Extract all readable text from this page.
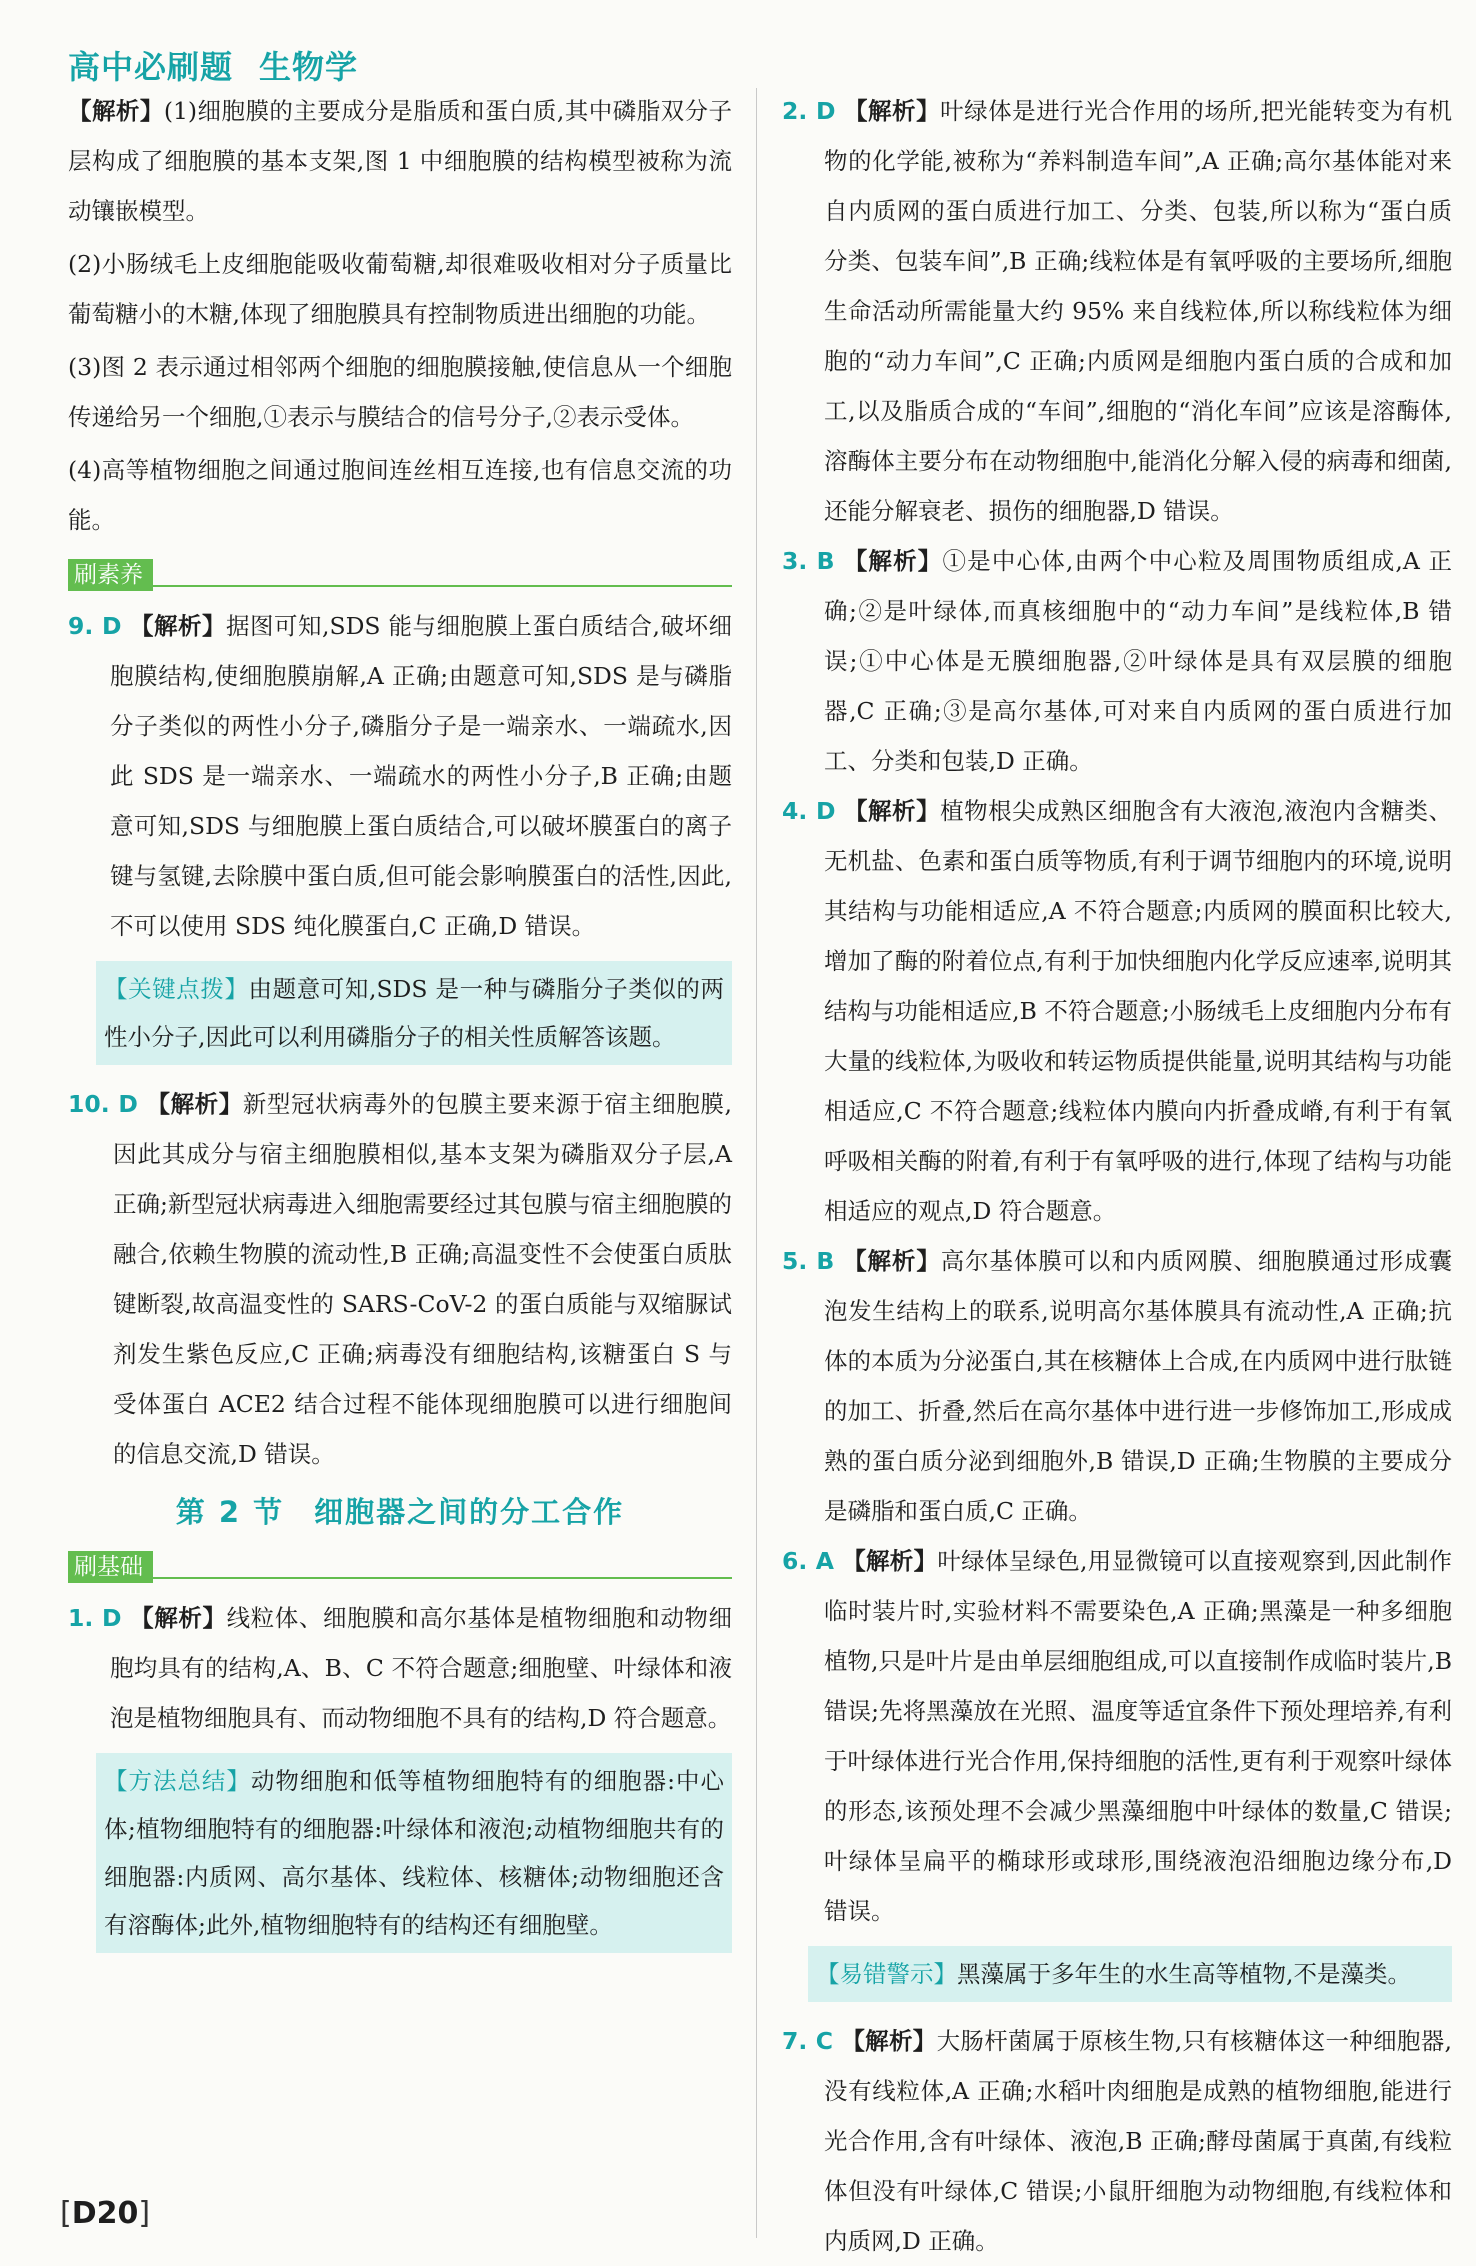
高中必刷题 生物学

【解析】(1)细胞膜的主要成分是脂质和蛋白质,其中磷脂双分子层构成了细胞膜的基本支架,图 1 中细胞膜的结构模型被称为流动镶嵌模型。

(2)小肠绒毛上皮细胞能吸收葡萄糖,却很难吸收相对分子质量比葡萄糖小的木糖,体现了细胞膜具有控制物质进出细胞的功能。

(3)图 2 表示通过相邻两个细胞的细胞膜接触,使信息从一个细胞传递给另一个细胞,①表示与膜结合的信号分子,②表示受体。

(4)高等植物细胞之间通过胞间连丝相互连接,也有信息交流的功能。

刷素养

9. D 【解析】据图可知,SDS 能与细胞膜上蛋白质结合,破坏细胞膜结构,使细胞膜崩解,A 正确;由题意可知,SDS 是与磷脂分子类似的两性小分子,磷脂分子是一端亲水、一端疏水,因此 SDS 是一端亲水、一端疏水的两性小分子,B 正确;由题意可知,SDS 与细胞膜上蛋白质结合,可以破坏膜蛋白的离子键与氢键,去除膜中蛋白质,但可能会影响膜蛋白的活性,因此,不可以使用 SDS 纯化膜蛋白,C 正确,D 错误。

【关键点拨】由题意可知,SDS 是一种与磷脂分子类似的两性小分子,因此可以利用磷脂分子的相关性质解答该题。

10. D 【解析】新型冠状病毒外的包膜主要来源于宿主细胞膜,因此其成分与宿主细胞膜相似,基本支架为磷脂双分子层,A 正确;新型冠状病毒进入细胞需要经过其包膜与宿主细胞膜的融合,依赖生物膜的流动性,B 正确;高温变性不会使蛋白质肽键断裂,故高温变性的 SARS-CoV-2 的蛋白质能与双缩脲试剂发生紫色反应,C 正确;病毒没有细胞结构,该糖蛋白 S 与受体蛋白 ACE2 结合过程不能体现细胞膜可以进行细胞间的信息交流,D 错误。

第 2 节 细胞器之间的分工合作
刷基础

1. D 【解析】线粒体、细胞膜和高尔基体是植物细胞和动物细胞均具有的结构,A、B、C 不符合题意;细胞壁、叶绿体和液泡是植物细胞具有、而动物细胞不具有的结构,D 符合题意。

【方法总结】动物细胞和低等植物细胞特有的细胞器:中心体;植物细胞特有的细胞器:叶绿体和液泡;动植物细胞共有的细胞器:内质网、高尔基体、线粒体、核糖体;动物细胞还含有溶酶体;此外,植物细胞特有的结构还有细胞壁。

2. D 【解析】叶绿体是进行光合作用的场所,把光能转变为有机物的化学能,被称为“养料制造车间”,A 正确;高尔基体能对来自内质网的蛋白质进行加工、分类、包装,所以称为“蛋白质分类、包装车间”,B 正确;线粒体是有氧呼吸的主要场所,细胞生命活动所需能量大约 95% 来自线粒体,所以称线粒体为细胞的“动力车间”,C 正确;内质网是细胞内蛋白质的合成和加工,以及脂质合成的“车间”,细胞的“消化车间”应该是溶酶体,溶酶体主要分布在动物细胞中,能消化分解入侵的病毒和细菌,还能分解衰老、损伤的细胞器,D 错误。

3. B 【解析】①是中心体,由两个中心粒及周围物质组成,A 正确;②是叶绿体,而真核细胞中的“动力车间”是线粒体,B 错误;①中心体是无膜细胞器,②叶绿体是具有双层膜的细胞器,C 正确;③是高尔基体,可对来自内质网的蛋白质进行加工、分类和包装,D 正确。

4. D 【解析】植物根尖成熟区细胞含有大液泡,液泡内含糖类、无机盐、色素和蛋白质等物质,有利于调节细胞内的环境,说明其结构与功能相适应,A 不符合题意;内质网的膜面积比较大,增加了酶的附着位点,有利于加快细胞内化学反应速率,说明其结构与功能相适应,B 不符合题意;小肠绒毛上皮细胞内分布有大量的线粒体,为吸收和转运物质提供能量,说明其结构与功能相适应,C 不符合题意;线粒体内膜向内折叠成嵴,有利于有氧呼吸相关酶的附着,有利于有氧呼吸的进行,体现了结构与功能相适应的观点,D 符合题意。

5. B 【解析】高尔基体膜可以和内质网膜、细胞膜通过形成囊泡发生结构上的联系,说明高尔基体膜具有流动性,A 正确;抗体的本质为分泌蛋白,其在核糖体上合成,在内质网中进行肽链的加工、折叠,然后在高尔基体中进行进一步修饰加工,形成成熟的蛋白质分泌到细胞外,B 错误,D 正确;生物膜的主要成分是磷脂和蛋白质,C 正确。

6. A 【解析】叶绿体呈绿色,用显微镜可以直接观察到,因此制作临时装片时,实验材料不需要染色,A 正确;黑藻是一种多细胞植物,只是叶片是由单层细胞组成,可以直接制作成临时装片,B 错误;先将黑藻放在光照、温度等适宜条件下预处理培养,有利于叶绿体进行光合作用,保持细胞的活性,更有利于观察叶绿体的形态,该预处理不会减少黑藻细胞中叶绿体的数量,C 错误;叶绿体呈扁平的椭球形或球形,围绕液泡沿细胞边缘分布,D 错误。

【易错警示】黑藻属于多年生的水生高等植物,不是藻类。

7. C 【解析】大肠杆菌属于原核生物,只有核糖体这一种细胞器,没有线粒体,A 正确;水稻叶肉细胞是成熟的植物细胞,能进行光合作用,含有叶绿体、液泡,B 正确;酵母菌属于真菌,有线粒体但没有叶绿体,C 错误;小鼠肝细胞为动物细胞,有线粒体和内质网,D 正确。

[D20]
